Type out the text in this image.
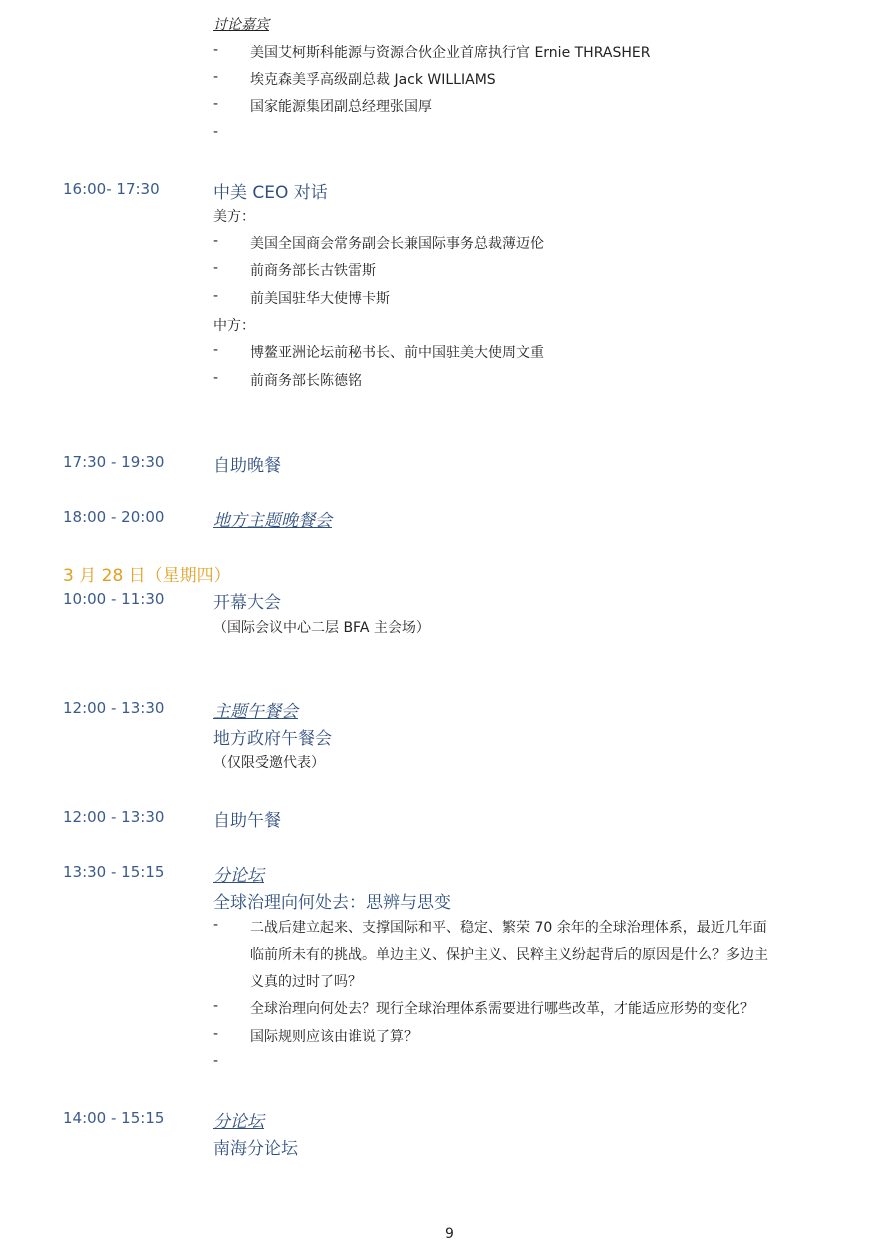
讨论嘉宾
- 美国艾柯斯科能源与资源合伙企业首席执行官 Ernie THRASHER
- 埃克森美孚高级副总裁 Jack WILLIAMS
- 国家能源集团副总经理张国厚
-
16:00- 17:30	中美 CEO 对话
美方：
- 美国全国商会常务副会长兼国际事务总裁薄迈伦
- 前商务部长古铁雷斯
- 前美国驻华大使博卡斯
中方：
- 博鳌亚洲论坛前秘书长、前中国驻美大使周文重
- 前商务部长陈德铭
17:30 - 19:30	自助晚餐
18:00 - 20:00	地方主题晚餐会
3 月 28 日（星期四）
10:00 - 11:30	开幕大会
（国际会议中心二层 BFA 主会场）
12:00 - 13:30	主题午餐会
地方政府午餐会
（仅限受邀代表）
12:00 - 13:30	自助午餐
13:30 - 15:15	分论坛
全球治理向何处去：思辨与思变
- 二战后建立起来、支撑国际和平、稳定、繁荣 70 余年的全球治理体系，最近几年面
临前所未有的挑战。单边主义、保护主义、民粹主义纷起背后的原因是什么？多边主
义真的过时了吗？
- 全球治理向何处去？现行全球治理体系需要进行哪些改革，才能适应形势的变化？
- 国际规则应该由谁说了算？
-
14:00 - 15:15	分论坛
南海分论坛
9
